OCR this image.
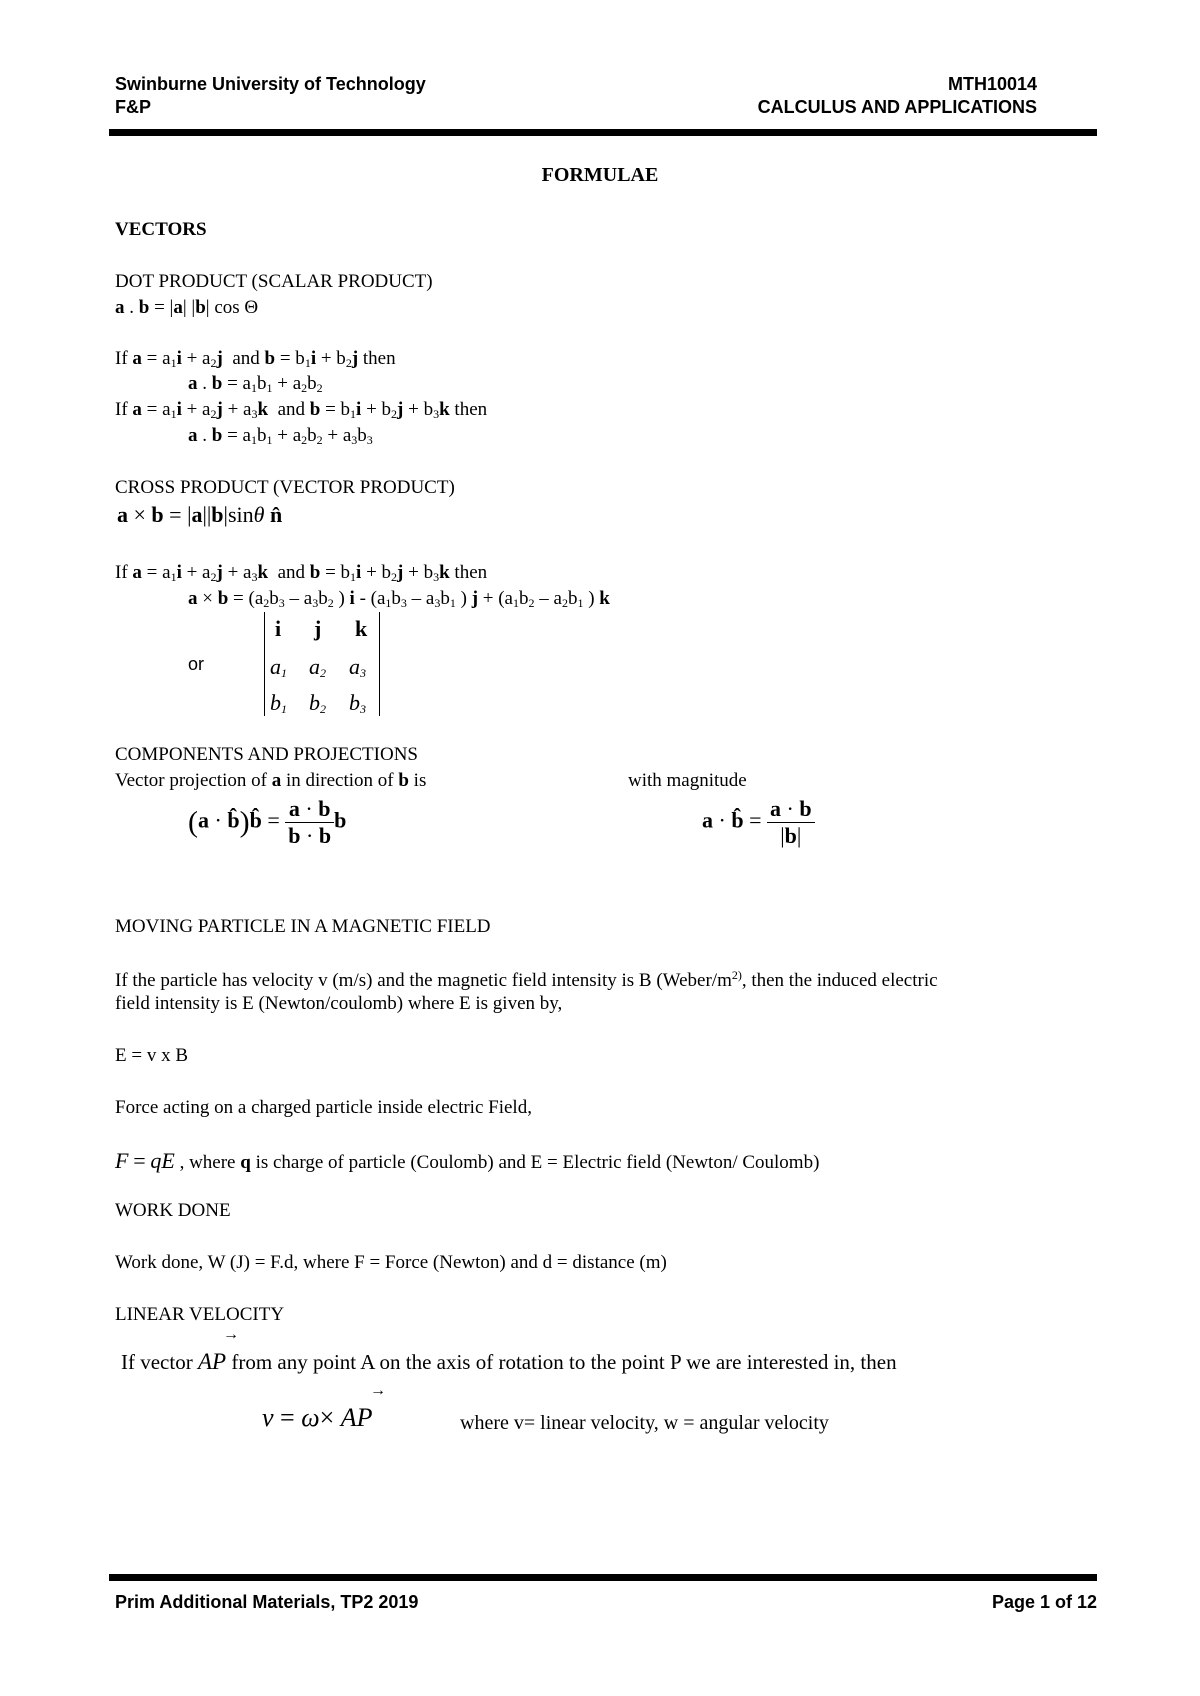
Swinburne University of Technology
F&P
MTH10014
CALCULUS AND APPLICATIONS
FORMULAE
VECTORS
DOT PRODUCT (SCALAR PRODUCT)
a . b = |a| |b| cos Θ
If $a = a_1i + a_2j$ and $b = b_1i + b_2j$ then
a . $b = a_1b_1 + a_2b_2$
If $a = a_1i + a_2j + a_3k$ and $b = b_1i + b_2j + b_3k$ then
a . $b = a_1b_1 + a_2b_2 + a_3b_3$
CROSS PRODUCT (VECTOR PRODUCT)
a × b = |a||b|sinθ n̂
If $a = a_1i + a_2j + a_3k$ and $b = b_1i + b_2j + b_3k$ then
$a \times b = (a_2b_3 - a_3b_2$ ) i - ($a_1b_3 - a_3b_1$ ) $j + (a_1b_2 - a_2b_1$ ) k
or
i j k
$a_1$ $a_2$ $a_3$
$b_1$ $b_2$ $b_3$
COMPONENTS AND PROJECTIONS
Vector projection of a in direction of b is	with magnitude
(a · b̂)b̂ = $\frac{a \cdot b}{b \cdot b}$ b	a · b̂ = $\frac{a \cdot b}{|b|}$
MOVING PARTICLE IN A MAGNETIC FIELD
If the particle has velocity v (m/s) and the magnetic field intensity is B ($Weber/m^{2)}$, then the induced electric
field intensity is E (Newton/coulomb) where E is given by,
E = v x B
Force acting on a charged particle inside electric Field,
F = qE , where q is charge of particle (Coulomb) and E = Electric field (Newton/ Coulomb)
WORK DONE
Work done, W (J) = F.d, where F = Force (Newton) and d = distance (m)
LINEAR VELOCITY
→
If vector AP from any point A on the axis of rotation to the point P we are interested in, then
→
v = ω× AP	where v= linear velocity, w = angular velocity
Prim Additional Materials, TP2 2019	Page 1 of 12
